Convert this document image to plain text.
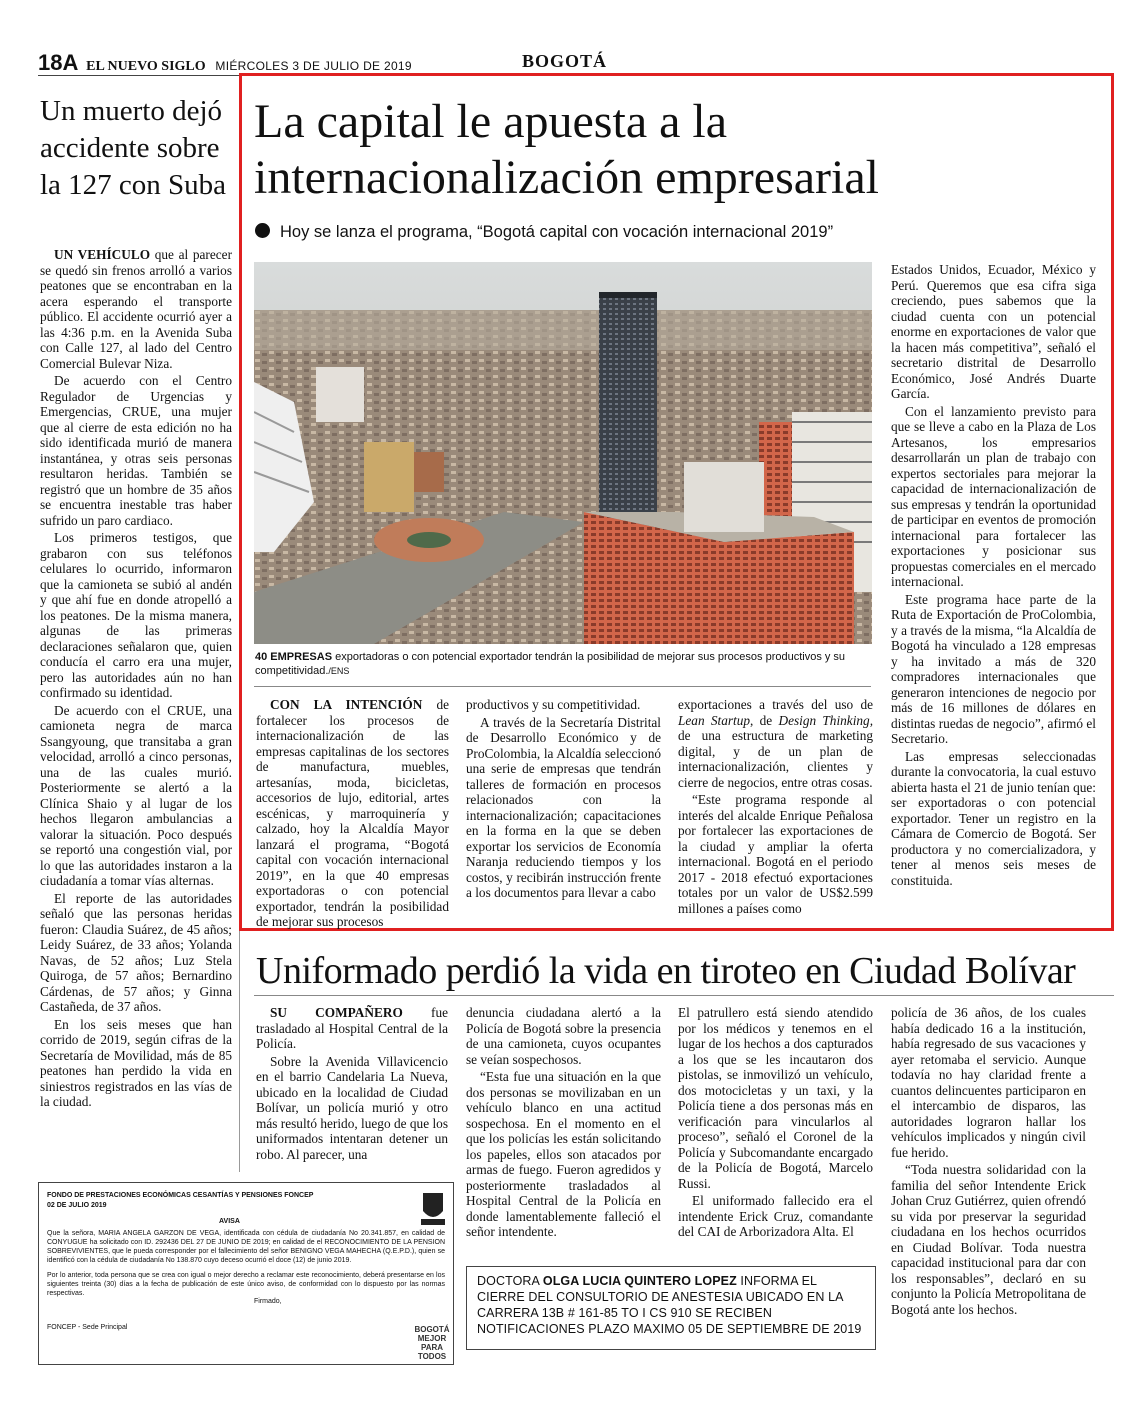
18A EL NUEVO SIGLO MIÉRCOLES 3 DE JULIO DE 2019	BOGOTÁ
Un muerto dejó accidente sobre la 127 con Suba

UN VEHÍCULO que al parecer se quedó sin frenos arrolló a varios peatones que se encontraban en la acera esperando el transporte público. El accidente ocurrió ayer a las 4:36 p.m. en la Avenida Suba con Calle 127, al lado del Centro Comercial Bulevar Niza.

De acuerdo con el Centro Regulador de Urgencias y Emergencias, CRUE, una mujer que al cierre de esta edición no ha sido identificada murió de manera instantánea, y otras seis personas resultaron heridas. También se registró que un hombre de 35 años se encuentra inestable tras haber sufrido un paro cardiaco.

Los primeros testigos, que grabaron con sus teléfonos celulares lo ocurrido, informaron que la camioneta se subió al andén y que ahí fue en donde atropelló a los peatones. De la misma manera, algunas de las primeras declaraciones señalaron que, quien conducía el carro era una mujer, pero las autoridades aún no han confirmado su identidad.

De acuerdo con el CRUE, una camioneta negra de marca Ssangyoung, que transitaba a gran velocidad, arrolló a cinco personas, una de las cuales murió. Posteriormente se alertó a la Clínica Shaio y al lugar de los hechos llegaron ambulancias a valorar la situación. Poco después se reportó una congestión vial, por lo que las autoridades instaron a la ciudadanía a tomar vías alternas.

El reporte de las autoridades señaló que las personas heridas fueron: Claudia Suárez, de 45 años; Leidy Suárez, de 33 años; Yolanda Navas, de 52 años; Luz Stela Quiroga, de 57 años; Bernardino Cárdenas, de 57 años; y Ginna Castañeda, de 37 años.

En los seis meses que han corrido de 2019, según cifras de la Secretaría de Movilidad, más de 85 peatones han perdido la vida en siniestros registrados en las vías de la ciudad.

La capital le apuesta a la internacionalización empresarial
Hoy se lanza el programa, “Bogotá capital con vocación internacional 2019”
40 EMPRESAS exportadoras o con potencial exportador tendrán la posibilidad de mejorar sus procesos productivos y su competitividad./ENS

CON LA INTENCIÓN de fortalecer los procesos de internacionalización de las empresas capitalinas de los sectores de manufactura, muebles, artesanías, moda, bicicletas, accesorios de lujo, editorial, artes escénicas, y marroquinería y calzado, hoy la Alcaldía Mayor lanzará el programa, “Bogotá capital con vocación internacional 2019”, en la que 40 empresas exportadoras o con potencial exportador, tendrán la posibilidad de mejorar sus procesos

productivos y su competitividad.

A través de la Secretaría Distrital de Desarrollo Económico y de ProColombia, la Alcaldía seleccionó una serie de empresas que tendrán talleres de formación en procesos relacionados con la internacionalización; capacitaciones en la forma en la que se deben exportar los servicios de Economía Naranja reduciendo tiempos y los costos, y recibirán instrucción frente a los documentos para llevar a cabo

exportaciones a través del uso de Lean Startup, de Design Thinking, de una estructura de marketing digital, y de un plan de internacionalización, clientes y cierre de negocios, entre otras cosas.

“Este programa responde al interés del alcalde Enrique Peñalosa por fortalecer las exportaciones de la ciudad y ampliar la oferta internacional. Bogotá en el periodo 2017 - 2018 efectuó exportaciones totales por un valor de US$2.599 millones a países como

Estados Unidos, Ecuador, México y Perú. Queremos que esa cifra siga creciendo, pues sabemos que la ciudad cuenta con un potencial enorme en exportaciones de valor que la hacen más competitiva”, señaló el secretario distrital de Desarrollo Económico, José Andrés Duarte García.

Con el lanzamiento previsto para que se lleve a cabo en la Plaza de Los Artesanos, los empresarios desarrollarán un plan de trabajo con expertos sectoriales para mejorar la capacidad de internacionalización de sus empresas y tendrán la oportunidad de participar en eventos de promoción internacional para fortalecer las exportaciones y posicionar sus propuestas comerciales en el mercado internacional.

Este programa hace parte de la Ruta de Exportación de ProColombia, y a través de la misma, “la Alcaldía de Bogotá ha vinculado a 128 empresas y ha invitado a más de 320 compradores internacionales que generaron intenciones de negocio por más de 16 millones de dólares en distintas ruedas de negocio”, afirmó el Secretario.

Las empresas seleccionadas durante la convocatoria, la cual estuvo abierta hasta el 21 de junio tenían que: ser exportadoras o con potencial exportador. Tener un registro en la Cámara de Comercio de Bogotá. Ser productora y no comercializadora, y tener al menos seis meses de constituida.

Uniformado perdió la vida en tiroteo en Ciudad Bolívar

SU COMPAÑERO fue trasladado al Hospital Central de la Policía.

Sobre la Avenida Villavicencio en el barrio Candelaria La Nueva, ubicado en la localidad de Ciudad Bolívar, un policía murió y otro más resultó herido, luego de que los uniformados intentaran detener un robo. Al parecer, una

denuncia ciudadana alertó a la Policía de Bogotá sobre la presencia de una camioneta, cuyos ocupantes se veían sospechosos.

“Esta fue una situación en la que dos personas se movilizaban en un vehículo blanco en una actitud sospechosa. En el momento en el que los policías les están solicitando los papeles, ellos son atacados por armas de fuego. Fueron agredidos y posteriormente trasladados al Hospital Central de la Policía en donde lamentablemente falleció el señor intendente.

El patrullero está siendo atendido por los médicos y tenemos en el lugar de los hechos a dos capturados a los que se les incautaron dos pistolas, se inmovilizó un vehículo, dos motocicletas y un taxi, y la Policía tiene a dos personas más en verificación para vincularlos al proceso”, señaló el Coronel de la Policía y Subcomandante encargado de la Policía de Bogotá, Marcelo Russi.

El uniformado fallecido era el intendente Erick Cruz, comandante del CAI de Arborizadora Alta. El

policía de 36 años, de los cuales había dedicado 16 a la institución, había regresado de sus vacaciones y ayer retomaba el servicio. Aunque todavía no hay claridad frente a cuantos delincuentes participaron en el intercambio de disparos, las autoridades lograron hallar los vehículos implicados y ningún civil fue herido.

“Toda nuestra solidaridad con la familia del señor Intendente Erick Johan Cruz Gutiérrez, quien ofrendó su vida por preservar la seguridad ciudadana en los hechos ocurridos en Ciudad Bolívar. Toda nuestra capacidad institucional para dar con los responsables”, declaró en su conjunto la Policía Metropolitana de Bogotá ante los hechos.

FONDO DE PRESTACIONES ECONÓMICAS CESANTÍAS Y PENSIONES FONCEP
02 DE JULIO 2019
AVISA
Que la señora, MARIA ANGELA GARZON DE VEGA, identificada con cédula de ciudadanía No 20.341.857, en calidad de CONYUGUE ha solicitado con ID. 292436 DEL 27 DE JUNIO DE 2019; en calidad de el RECONOCIMIENTO DE LA PENSION SOBREVIVIENTES, que le pueda corresponder por el fallecimiento del señor BENIGNO VEGA MAHECHA (Q.E.P.D.), quien se identificó con la cédula de ciudadanía No 138.870 cuyo deceso ocurrió el doce (12) de junio 2019.
Por lo anterior, toda persona que se crea con igual o mejor derecho a reclamar este reconocimiento, deberá presentarse en los siguientes treinta (30) días a la fecha de publicación de este único aviso, de conformidad con lo dispuesto por las normas respectivas.
Firmado,
FONCEP - Sede Principal	BOGOTÁ MEJOR PARA TODOS
DOCTORA OLGA LUCIA QUINTERO LOPEZ INFORMA EL CIERRE DEL CONSULTORIO DE ANESTESIA UBICADO EN LA CARRERA 13B # 161-85 TO I CS 910 SE RECIBEN NOTIFICACIONES PLAZO MAXIMO 05 DE SEPTIEMBRE DE 2019
